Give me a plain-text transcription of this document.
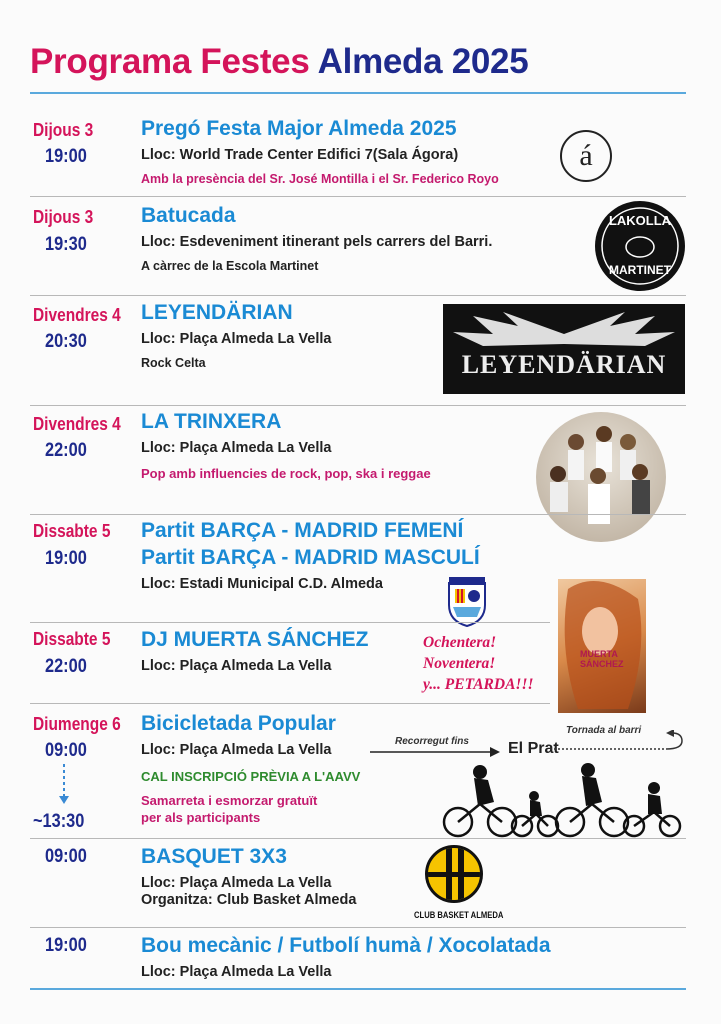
Programa Festes Almeda 2025
Dijous 3
19:00
Pregó Festa Major Almeda 2025
Lloc: World Trade Center Edifici 7(Sala Ágora)
Amb la presència del Sr. José Montilla i el Sr. Federico Royo
á
Dijous 3
19:30
Batucada
Lloc: Esdeveniment itinerant pels carrers del Barri.
A càrrec de la Escola Martinet
LAKOLLA
MARTINET
Divendres 4
20:30
LEYENDÄRIAN
Lloc: Plaça Almeda La Vella
Rock Celta	LEYENDÄRIAN
Divendres 4
22:00
LA TRINXERA
Lloc: Plaça Almeda La Vella
Pop amb influencies de rock, pop, ska i reggae
Dissabte 5
19:00
Partit BARÇA - MADRID FEMENÍ
Partit BARÇA - MADRID MASCULÍ
Lloc: Estadi Municipal C.D. Almeda
MUERTA SÁNCHEZ
Dissabte 5
22:00
DJ MUERTA SÁNCHEZ
Lloc: Plaça Almeda La Vella
Ochentera!
Noventera!
y... PETARDA!!!
Diumenge 6
09:00
~13:30
Bicicletada Popular
Lloc: Plaça Almeda La Vella
Recorregut fins El Prat
Tornada al barri
CAL INSCRIPCIÓ PRÈVIA A L'AAVV
Samarreta i esmorzar gratuït
per als participants
09:00	BASQUET 3X3
Lloc: Plaça Almeda La Vella
Organitza: Club Basket Almeda
CLUB BASKET ALMEDA
19:00	Bou mecànic / Futbolí humà / Xocolatada
Lloc: Plaça Almeda La Vella
